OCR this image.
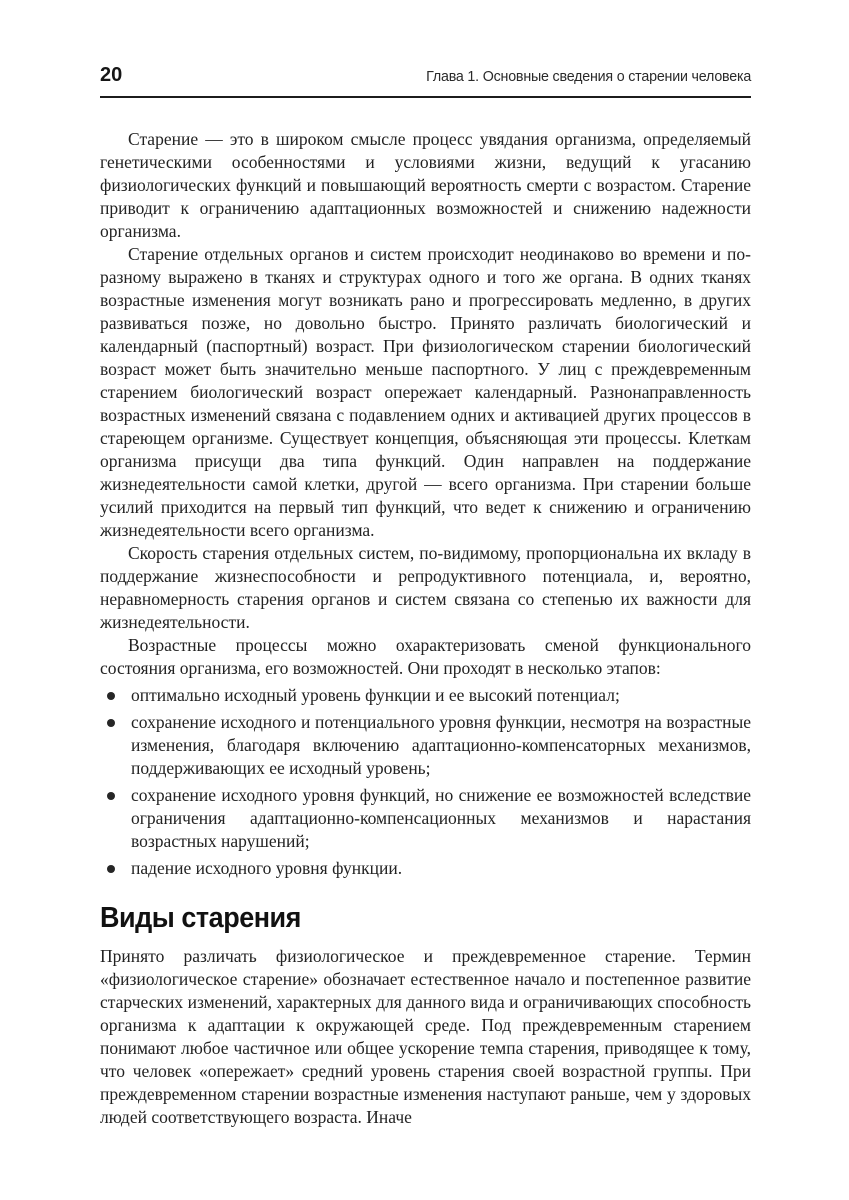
20	Глава 1. Основные сведения о старении человека

Старение — это в широком смысле процесс увядания организма, определяемый генетическими особенностями и условиями жизни, ведущий к угасанию физиологических функций и повышающий вероятность смерти с возрастом. Старение приводит к ограничению адаптационных возможностей и снижению надежности организма.

Старение отдельных органов и систем происходит неодинаково во времени и по-разному выражено в тканях и структурах одного и того же органа. В одних тканях возрастные изменения могут возникать рано и прогрессировать медленно, в других развиваться позже, но довольно быстро. Принято различать биологический и календарный (паспортный) возраст. При физиологическом старении биологический возраст может быть значительно меньше паспортного. У лиц с преждевременным старением биологический возраст опережает календарный. Разнонаправленность возрастных изменений связана с подавлением одних и активацией других процессов в стареющем организме. Существует концепция, объясняющая эти процессы. Клеткам организма присущи два типа функций. Один направлен на поддержание жизнедеятельности самой клетки, другой — всего организма. При старении больше усилий приходится на первый тип функций, что ведет к снижению и ограничению жизнедеятельности всего организма.

Скорость старения отдельных систем, по-видимому, пропорциональна их вкладу в поддержание жизнеспособности и репродуктивного потенциала, и, вероятно, неравномерность старения органов и систем связана со степенью их важности для жизнедеятельности.

Возрастные процессы можно охарактеризовать сменой функционального состояния организма, его возможностей. Они проходят в несколько этапов:

оптимально исходный уровень функции и ее высокий потенциал;
сохранение исходного и потенциального уровня функции, несмотря на возрастные изменения, благодаря включению адаптационно-компенсаторных механизмов, поддерживающих ее исходный уровень;
сохранение исходного уровня функций, но снижение ее возможностей вследствие ограничения адаптационно-компенсационных механизмов и нарастания возрастных нарушений;
падение исходного уровня функции.
Виды старения

Принято различать физиологическое и преждевременное старение. Термин «физиологическое старение» обозначает естественное начало и постепенное развитие старческих изменений, характерных для данного вида и ограничивающих способность организма к адаптации к окружающей среде. Под преждевременным старением понимают любое частичное или общее ускорение темпа старения, приводящее к тому, что человек «опережает» средний уровень старения своей возрастной группы. При преждевременном старении возрастные изменения наступают раньше, чем у здоровых людей соответствующего возраста. Иначе
